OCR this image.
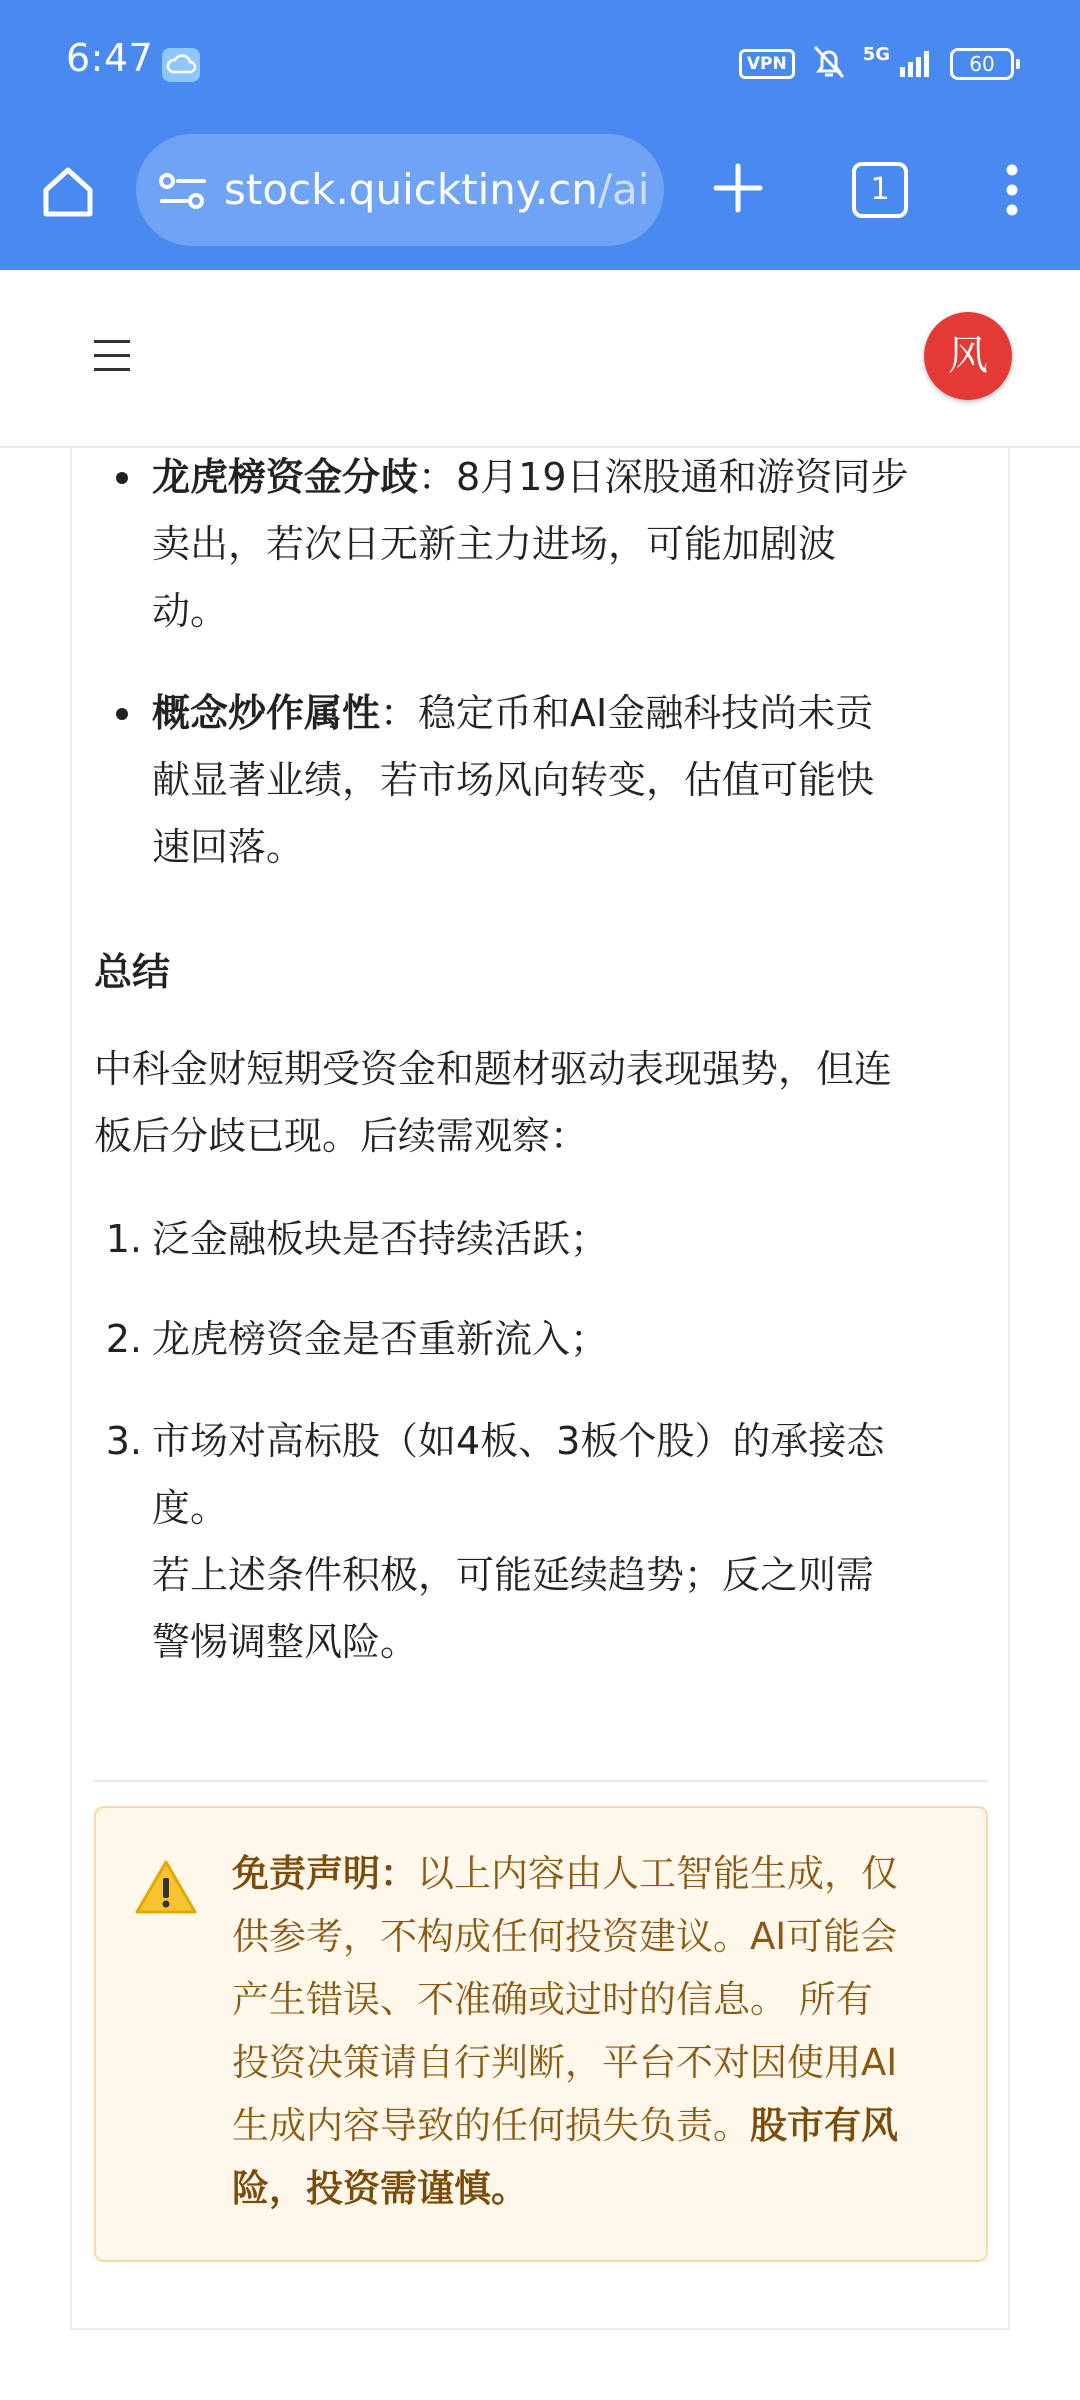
6:47	VPN	5G	60
stock.quicktiny.cn/ai	1
风
龙虎榜资金分歧：8月19日深股通和游资同步
卖出，若次日无新主力进场，可能加剧波
动。
概念炒作属性：稳定币和AI金融科技尚未贡
献显著业绩，若市场风向转变，估值可能快
速回落。
总结
中科金财短期受资金和题材驱动表现强势，但连
板后分歧已现。后续需观察：
1. 泛金融板块是否持续活跃；
2. 龙虎榜资金是否重新流入；
3. 市场对高标股（如4板、3板个股）的承接态
度。
若上述条件积极，可能延续趋势；反之则需
警惕调整风险。
免责声明：以上内容由人工智能生成，仅
供参考，不构成任何投资建议。AI可能会
产生错误、不准确或过时的信息。 所有
投资决策请自行判断，平台不对因使用AI
生成内容导致的任何损失负责。股市有风
险，投资需谨慎。
